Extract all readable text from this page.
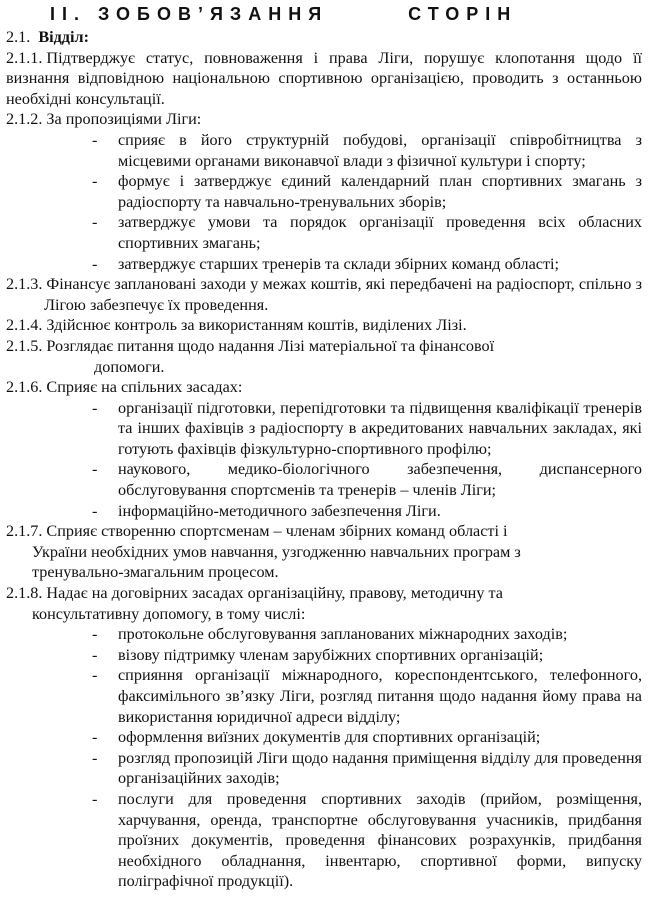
ІІ. ЗОБОВ’ЯЗАННЯ	СТОРІН

2.1. Відділ:

2.1.1. Підтверджує статус, повноваження і права Ліги, порушує клопотання щодо її визнання відповідною національною спортивною організацією, проводить з останньою необхідні консультації.

2.1.2. За пропозиціями Ліги:

- сприяє в його структурній побудові, організації співробітництва з місцевими органами виконавчої влади з фізичної культури і спорту;
- формує і затверджує єдиний календарний план спортивних змагань з радіоспорту та навчально-тренувальних зборів;
- затверджує умови та порядок організації проведення всіх обласних спортивних змагань;
- затверджує старших тренерів та склади збірних команд області;

2.1.3. Фінансує заплановані заходи у межах коштів, які передбачені на радіоспорт, спільно з Лігою забезпечує їх проведення.

2.1.4. Здійснює контроль за використанням коштів, виділених Лізі.

2.1.5. Розглядає питання щодо надання Лізі матеріальної та фінансової

допомоги.

2.1.6. Сприяє на спільних засадах:

- організації підготовки, перепідготовки та підвищення кваліфікації тренерів та інших фахівців з радіоспорту в акредитованих навчальних закладах, які готують фахівців фізкультурно-спортивного профілю;
- наукового, медико-біологічного забезпечення, диспансерного обслуговування спортсменів та тренерів – членів Ліги;
- інформаційно-методичного забезпечення Ліги.

2.1.7. Сприяє створенню спортсменам – членам збірних команд області і

України необхідних умов навчання, узгодженню навчальних програм з

тренувально-змагальним процесом.

2.1.8. Надає на договірних засадах організаційну, правову, методичну та

консультативну допомогу, в тому числі:

- протокольне обслуговування запланованих міжнародних заходів;
- візову підтримку членам зарубіжних спортивних організацій;
- сприяння організації міжнародного, кореспондентського, телефонного, факсимільного зв’язку Ліги, розгляд питання щодо надання йому права на використання юридичної адреси відділу;
- оформлення виїзних документів для спортивних організацій;
- розгляд пропозицій Ліги щодо надання приміщення відділу для проведення організаційних заходів;
- послуги для проведення спортивних заходів (прийом, розміщення, харчування, оренда, транспортне обслуговування учасників, придбання проїзних документів, проведення фінансових розрахунків, придбання необхідного обладнання, інвентарю, спортивної форми, випуску поліграфічної продукції).
